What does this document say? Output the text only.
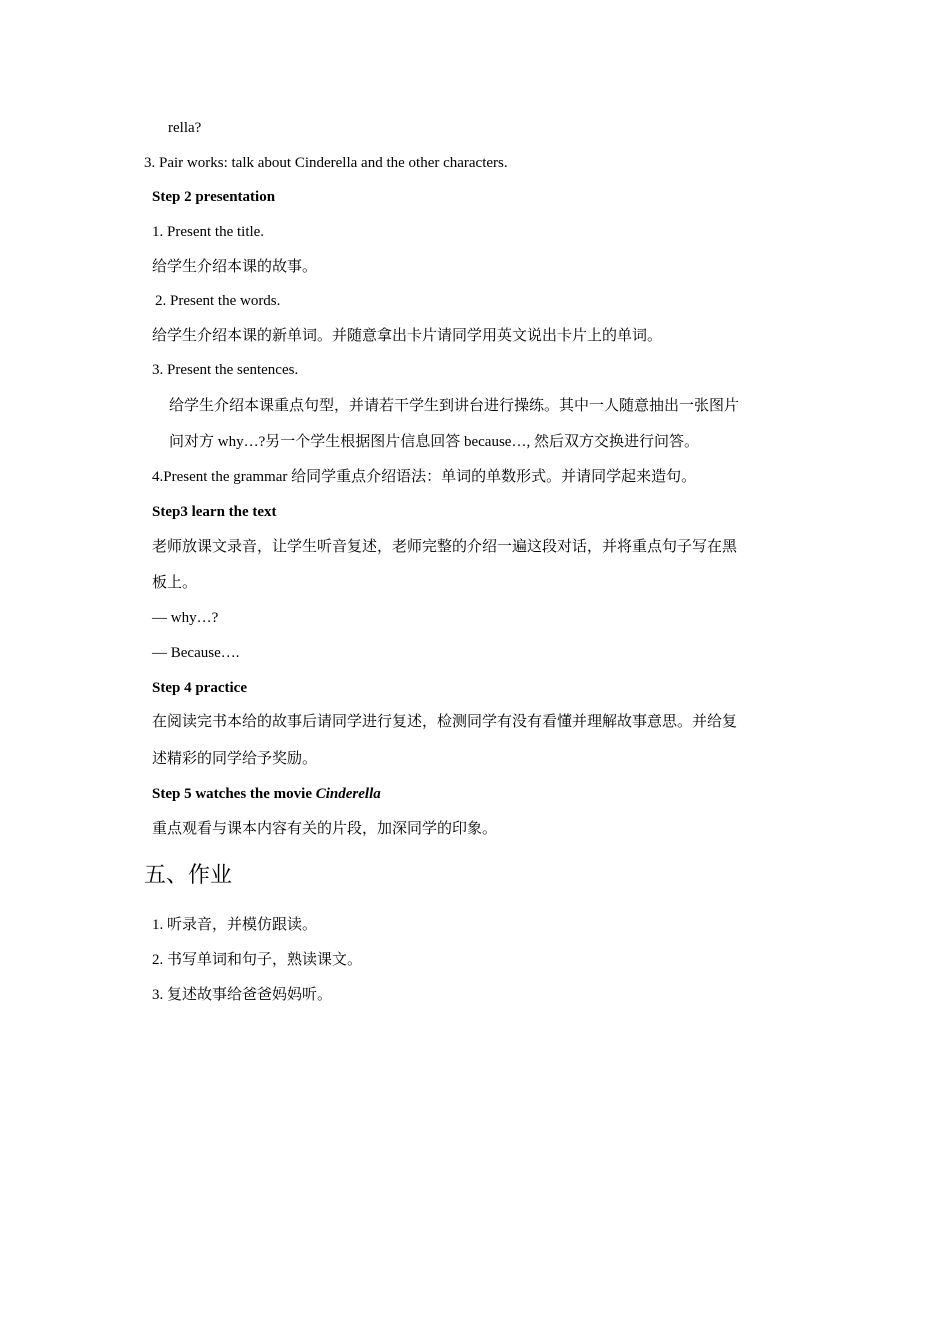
rella?
3. Pair works: talk about Cinderella and the other characters.
Step 2 presentation
1. Present the title.
给学生介绍本课的故事。
2. Present the words.
给学生介绍本课的新单词。并随意拿出卡片请同学用英文说出卡片上的单词。
3. Present the sentences.
给学生介绍本课重点句型，并请若干学生到讲台进行操练。其中一人随意抽出一张图片
问对方 why…?另一个学生根据图片信息回答 because…, 然后双方交换进行问答。
4.Present the grammar 给同学重点介绍语法：单词的单数形式。并请同学起来造句。
Step3 learn the text
老师放课文录音，让学生听音复述，老师完整的介绍一遍这段对话，并将重点句子写在黑
板上。
— why…?
— Because….
Step 4 practice
在阅读完书本给的故事后请同学进行复述，检测同学有没有看懂并理解故事意思。并给复
述精彩的同学给予奖励。
Step 5 watches the movie Cinderella
重点观看与课本内容有关的片段，加深同学的印象。
五、作业
1. 听录音，并模仿跟读。
2. 书写单词和句子，熟读课文。
3. 复述故事给爸爸妈妈听。
